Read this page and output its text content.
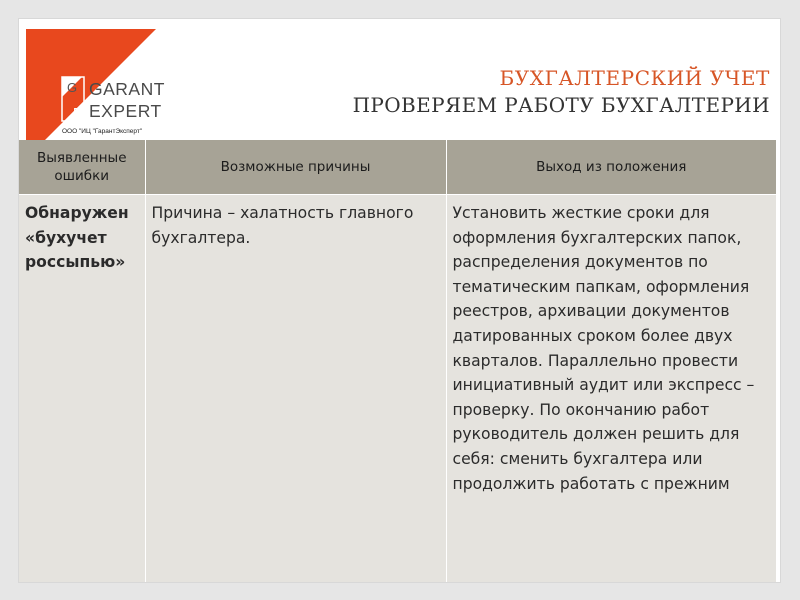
G
E
GARANT
EXPERT
ООО "ИЦ "ГарантЭксперт"
БУХГАЛТЕРСКИЙ УЧЕТ
ПРОВЕРЯЕМ РАБОТУ БУХГАЛТЕРИИ
Выявленные ошибки	Возможные причины	Выход из положения
Обнаружен «бухучет россыпью»	Причина – халатность главного бухгалтера.	Установить жесткие сроки для оформления бухгалтерских папок, распределения документов по тематическим папкам, оформления реестров, архивации документов датированных сроком более двух кварталов. Параллельно провести инициативный аудит или экспресс – проверку. По окончанию работ руководитель должен решить для себя: сменить бухгалтера или продолжить работать с прежним
